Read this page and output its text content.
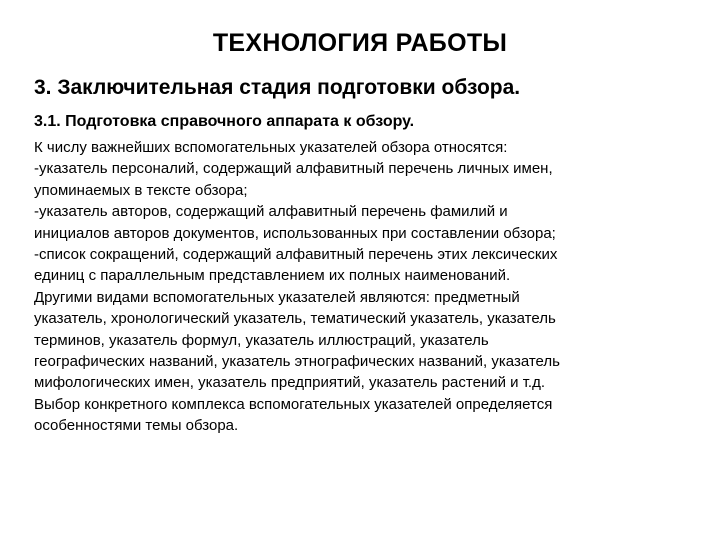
ТЕХНОЛОГИЯ РАБОТЫ
3. Заключительная стадия подготовки обзора.
3.1. Подготовка справочного аппарата к обзору.
К числу важнейших вспомогательных указателей обзора относятся:
-указатель персоналий, содержащий алфавитный перечень личных имен,
упоминаемых в тексте обзора;
-указатель авторов, содержащий алфавитный перечень фамилий и
инициалов авторов документов, использованных при составлении обзора;
-список сокращений, содержащий алфавитный перечень этих лексических
единиц с параллельным представлением их полных наименований.
Другими видами вспомогательных указателей являются: предметный
указатель, хронологический указатель, тематический указатель, указатель
терминов, указатель формул, указатель иллюстраций, указатель
географических названий, указатель этнографических названий, указатель
мифологических имен, указатель предприятий, указатель растений и т.д.
Выбор конкретного комплекса вспомогательных указателей определяется
особенностями темы обзора.
